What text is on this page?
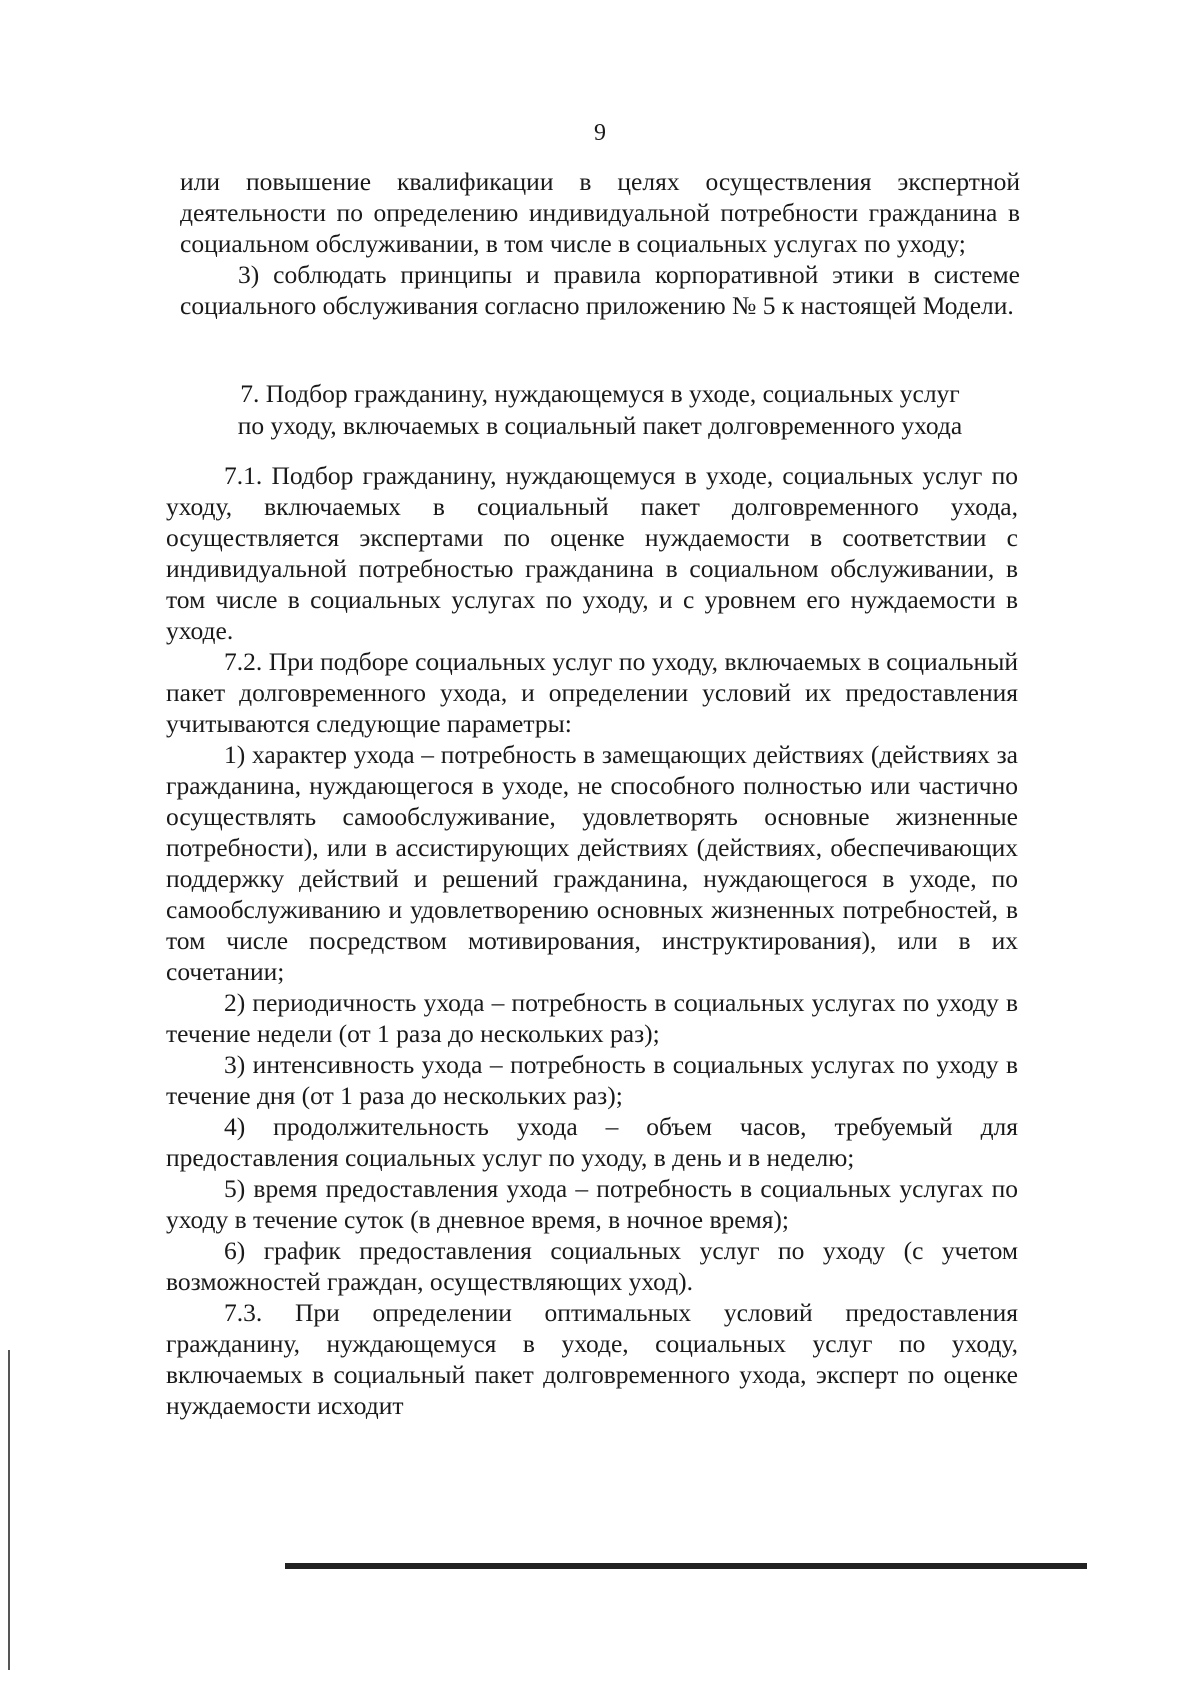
9

или повышение квалификации в целях осуществления экспертной деятельности по определению индивидуальной потребности гражданина в социальном обслуживании, в том числе в социальных услугах по уходу;

3) соблюдать принципы и правила корпоративной этики в системе социального обслуживания согласно приложению № 5 к настоящей Модели.

7. Подбор гражданину, нуждающемуся в уходе, социальных услуг
по уходу, включаемых в социальный пакет долговременного ухода

7.1. Подбор гражданину, нуждающемуся в уходе, социальных услуг по уходу, включаемых в социальный пакет долговременного ухода, осуществляется экспертами по оценке нуждаемости в соответствии с индивидуальной потребностью гражданина в социальном обслуживании, в том числе в социальных услугах по уходу, и с уровнем его нуждаемости в уходе.

7.2. При подборе социальных услуг по уходу, включаемых в социальный пакет долговременного ухода, и определении условий их предоставления учитываются следующие параметры:

1) характер ухода – потребность в замещающих действиях (действиях за гражданина, нуждающегося в уходе, не способного полностью или частично осуществлять самообслуживание, удовлетворять основные жизненные потребности), или в ассистирующих действиях (действиях, обеспечивающих поддержку действий и решений гражданина, нуждающегося в уходе, по самообслуживанию и удовлетворению основных жизненных потребностей, в том числе посредством мотивирования, инструктирования), или в их сочетании;

2) периодичность ухода – потребность в социальных услугах по уходу в течение недели (от 1 раза до нескольких раз);

3) интенсивность ухода – потребность в социальных услугах по уходу в течение дня (от 1 раза до нескольких раз);

4) продолжительность ухода – объем часов, требуемый для предоставления социальных услуг по уходу, в день и в неделю;

5) время предоставления ухода – потребность в социальных услугах по уходу в течение суток (в дневное время, в ночное время);

6) график предоставления социальных услуг по уходу (с учетом возможностей граждан, осуществляющих уход).

7.3. При определении оптимальных условий предоставления гражданину, нуждающемуся в уходе, социальных услуг по уходу, включаемых в социальный пакет долговременного ухода, эксперт по оценке нуждаемости исходит
